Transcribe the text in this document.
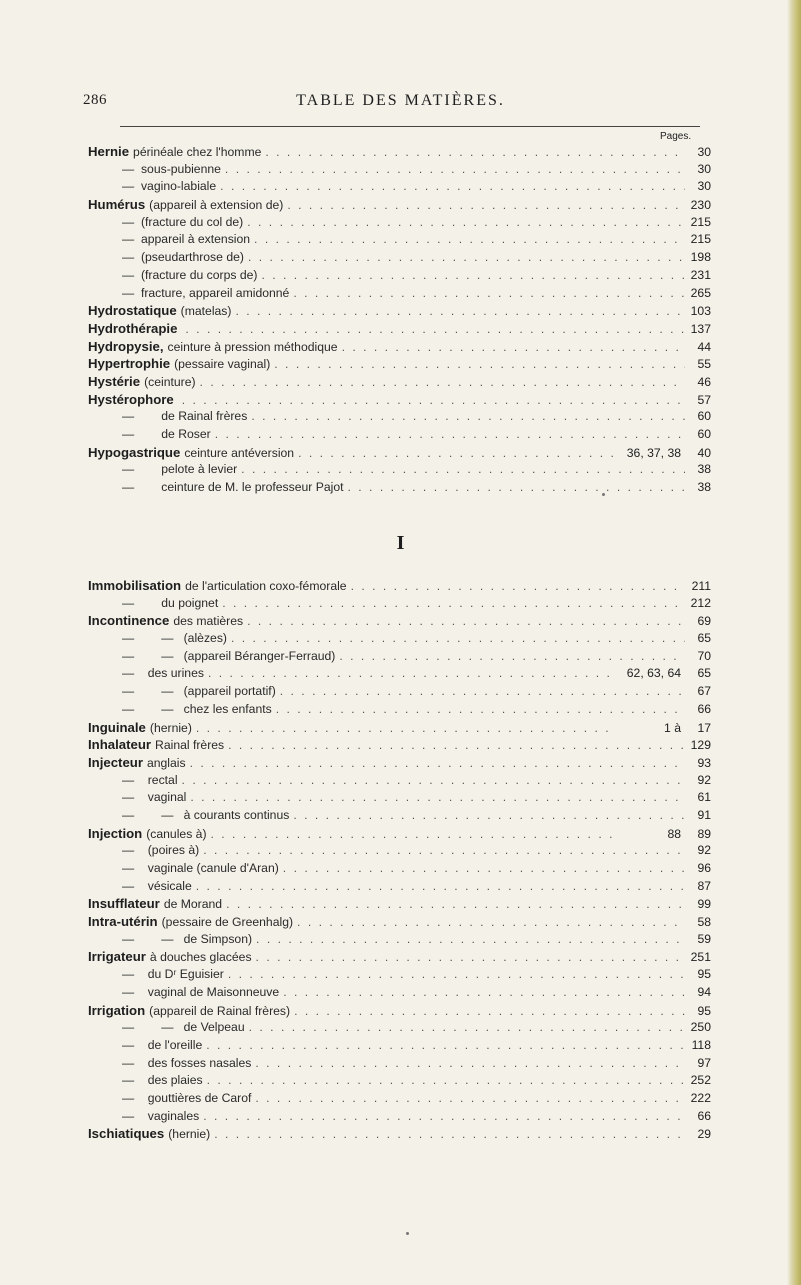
286	TABLE DES MATIÈRES.
Pages.
Hernie périnéale chez l'homme . . .	30
—  sous-pubienne . . .	30
—  vagino-labiale . . .	30
Humérus (appareil à extension de) . . .	230
—  (fracture du col de) . . .	215
—  appareil à extension . . .	215
—  (pseudarthrose de) . . .	198
—  (fracture du corps de) . . .	231
—  fracture, appareil amidonné . . .	265
Hydrostatique (matelas) . . .	103
Hydrothérapie . . .	137
Hydropysie, ceinture à pression méthodique . . .	44
Hypertrophie (pessaire vaginal) . . .	55
Hystérie (ceinture) . . .	46
Hystérophore . . .	57
—        de Rainal frères . . .	60
—        de Roser . . .	60
Hypogastrique ceinture antéversion . . .	36, 37, 38	40
—        pelote à levier . . .	38
—        ceinture de M. le professeur Pajot . . .	38
I
Immobilisation de l'articulation coxo-fémorale . . .	211
—        du poignet . . .	212
Incontinence des matières . . .	69
—        —   (alèzes) . . .	65
—        —   (appareil Béranger-Ferraud) . . .	70
—    des urines . . .	62, 63, 64	65
—        —   (appareil portatif) . . .	67
—        —   chez les enfants . . .	66
Inguinale (hernie) . . .	1 à	17
Inhalateur Rainal frères . . .	129
Injecteur anglais . . .	93
—    rectal . . .	92
—    vaginal . . .	61
—        —   à courants continus . . .	91
Injection (canules à) . . .	88	89
—    (poires à) . . .	92
—    vaginale (canule d'Aran) . . .	96
—    vésicale . . .	87
Insufflateur de Morand . . .	99
Intra-utérin (pessaire de Greenhalg) . . .	58
—        —   de Simpson) . . .	59
Irrigateur à douches glacées . . .	251
—    du Dʳ Eguisier . . .	95
—    vaginal de Maisonneuve . . .	94
Irrigation (appareil de Rainal frères) . . .	95
—        —   de Velpeau . . .	250
—    de l'oreille . . .	118
—    des fosses nasales . . .	97
—    des plaies . . .	252
—    gouttières de Carof . . .	222
—    vaginales . . .	66
Ischiatiques (hernie) . . .	29
